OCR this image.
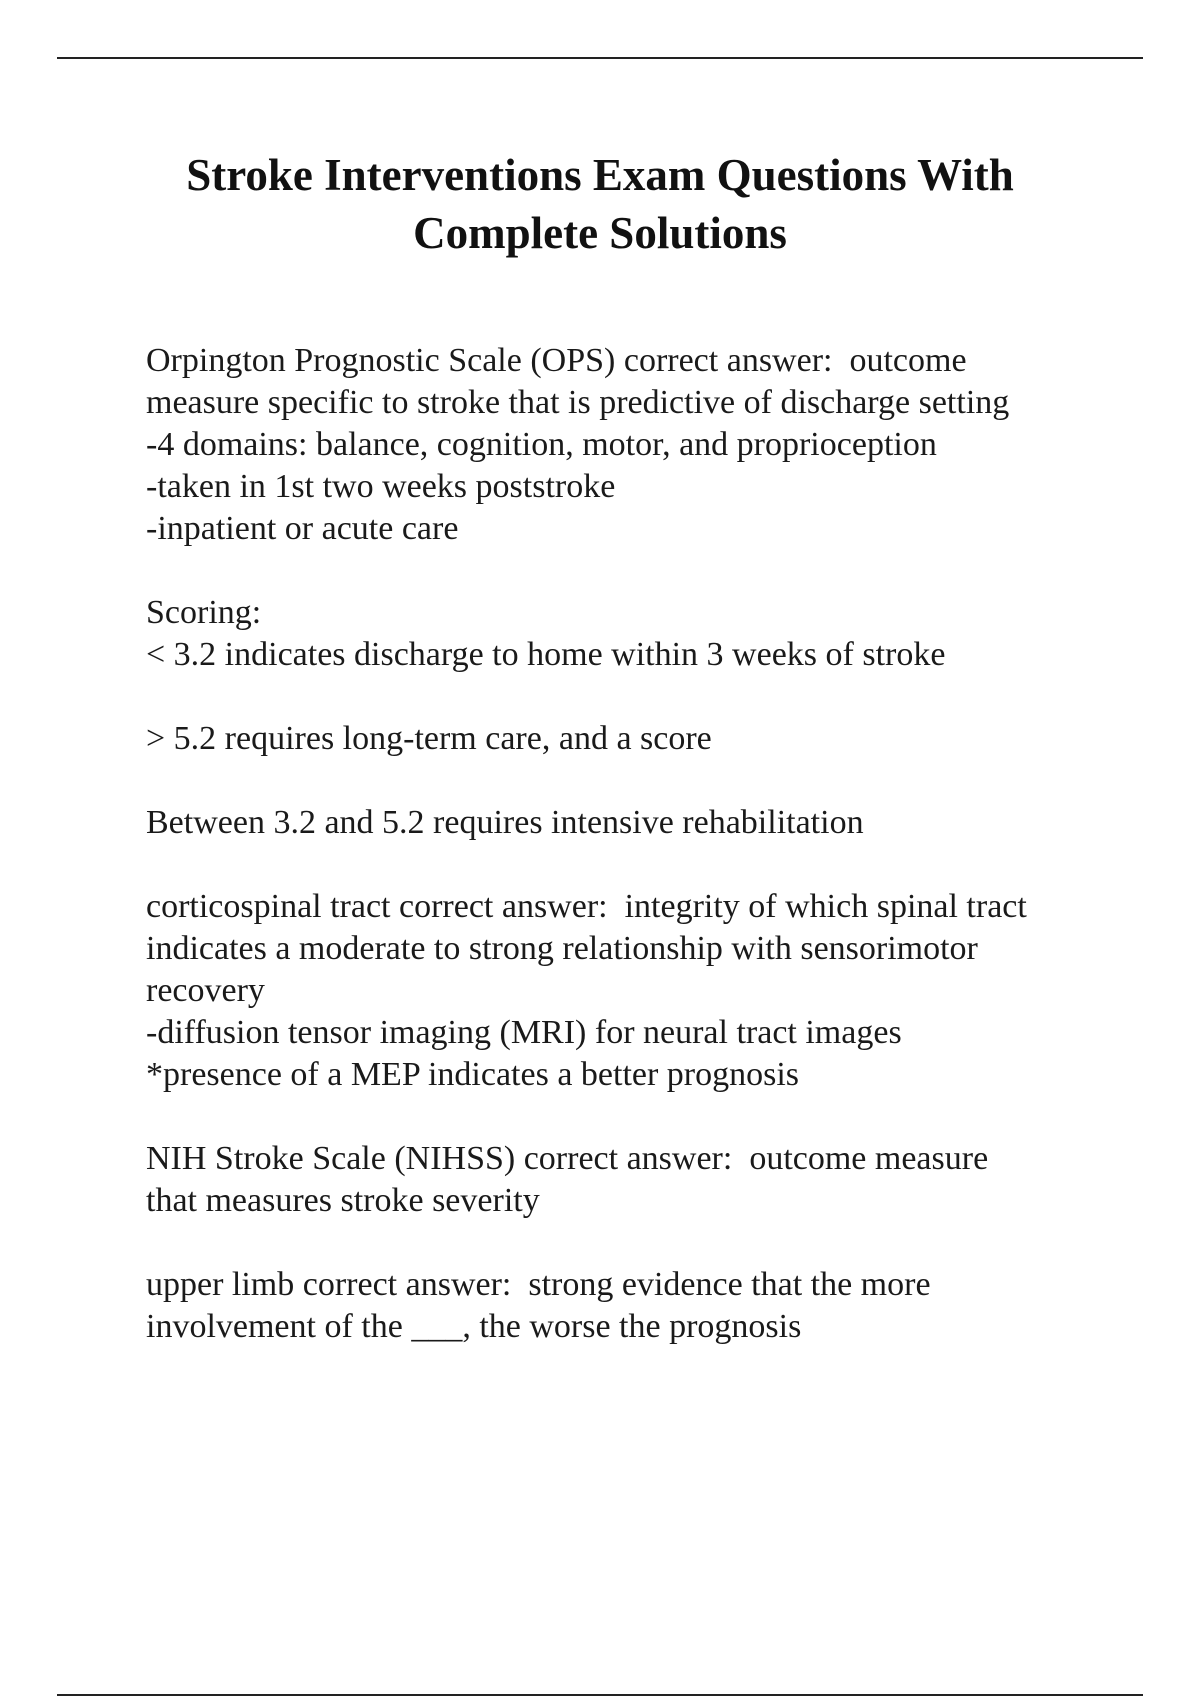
Stroke Interventions Exam Questions With
Complete Solutions

Orpington Prognostic Scale (OPS) correct answer:  outcome

measure specific to stroke that is predictive of discharge setting

-4 domains: balance, cognition, motor, and proprioception

-taken in 1st two weeks poststroke

-inpatient or acute care

Scoring:

< 3.2 indicates discharge to home within 3 weeks of stroke

> 5.2 requires long-term care, and a score

Between 3.2 and 5.2 requires intensive rehabilitation

corticospinal tract correct answer:  integrity of which spinal tract

indicates a moderate to strong relationship with sensorimotor

recovery

-diffusion tensor imaging (MRI) for neural tract images

*presence of a MEP indicates a better prognosis

NIH Stroke Scale (NIHSS) correct answer:  outcome measure

that measures stroke severity

upper limb correct answer:  strong evidence that the more

involvement of the ___, the worse the prognosis
